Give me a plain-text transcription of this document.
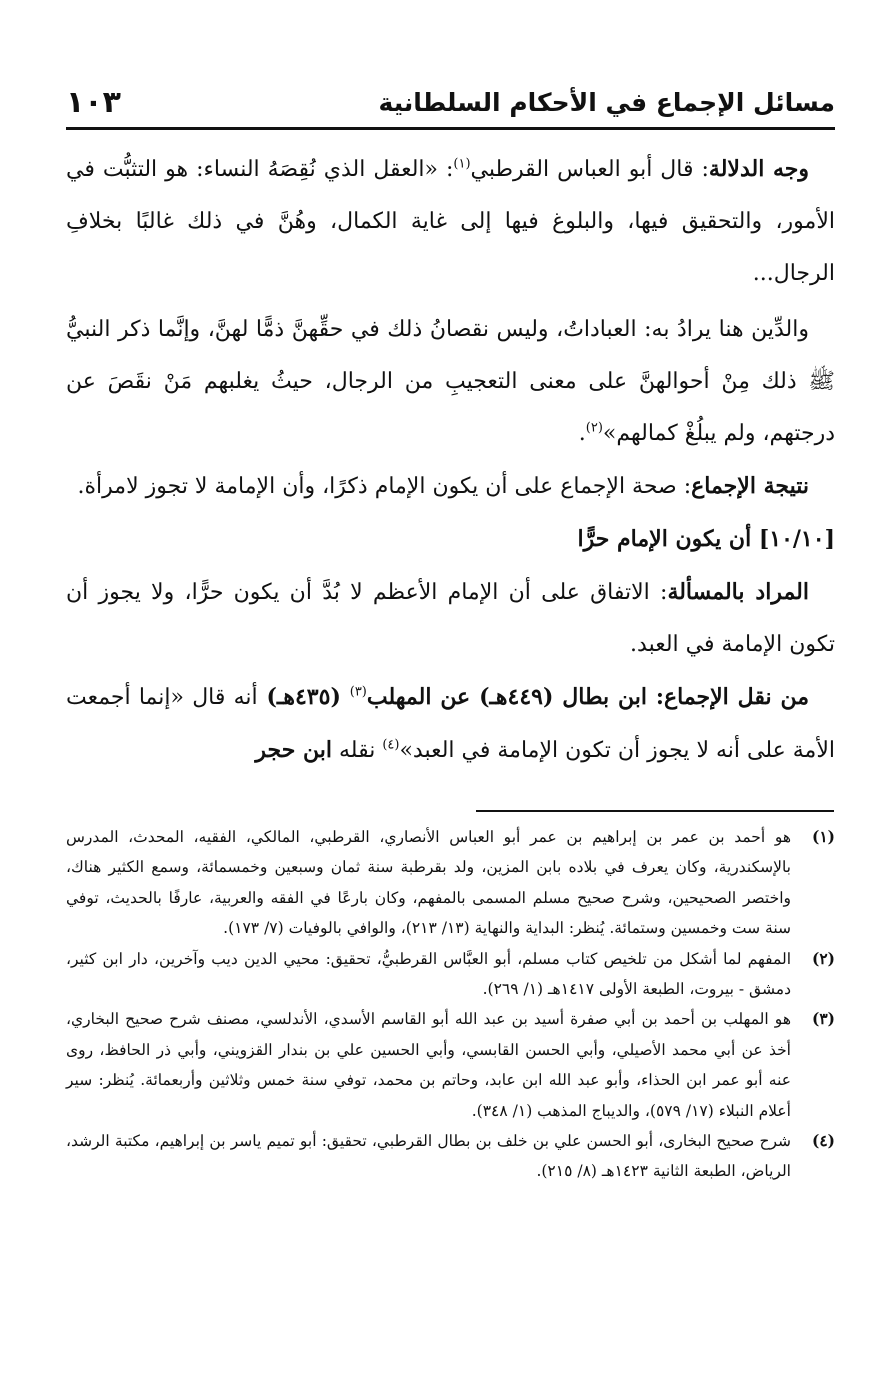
١٠٣	مسائل الإجماع في الأحكام السلطانية

وجه الدلالة: قال أبو العباس القرطبي$^{(١)}$: «العقل الذي نُقِصَهُ النساء: هو التثبُّت في الأمور، والتحقيق فيها، والبلوغ فيها إلى غاية الكمال، وهُنَّ في ذلك غالبًا بخلافِ الرجال...

والدِّين هنا يرادُ به: العباداتُ، وليس نقصانُ ذلك في حقِّهنَّ ذمًّا لهنَّ، وإنَّما ذكر النبيُّ ﷺ ذلك مِنْ أحوالهنَّ على معنى التعجيبِ من الرجال، حيثُ يغلبهم مَنْ نقَصَ عن درجتهم، ولم يبلُغْ كمالهم»$^{(٢)}$.

نتيجة الإجماع: صحة الإجماع على أن يكون الإمام ذكرًا، وأن الإمامة لا تجوز لامرأة.

[١٠/١٠] أن يكون الإمام حرًّا

المراد بالمسألة: الاتفاق على أن الإمام الأعظم لا بُدَّ أن يكون حرًّا، ولا يجوز أن تكون الإمامة في العبد.

من نقل الإجماع: ابن بطال (٤٤٩هـ) عن المهلب$^{(٣)}$ (٤٣٥هـ) أنه قال «إنما أجمعت الأمة على أنه لا يجوز أن تكون الإمامة في العبد»$^{(٤)}$ نقله ابن حجر

(١)
هو أحمد بن عمر بن إبراهيم بن عمر أبو العباس الأنصاري، القرطبي، المالكي، الفقيه، المحدث، المدرس بالإسكندرية، وكان يعرف في بلاده بابن المزين، ولد بقرطبة سنة ثمان وسبعين وخمسمائة، وسمع الكثير هناك، واختصر الصحيحين، وشرح صحيح مسلم المسمى بالمفهم، وكان بارعًا في الفقه والعربية، عارفًا بالحديث، توفي سنة ست وخمسين وستمائة. يُنظر: البداية والنهاية (١٣/ ٢١٣)، والوافي بالوفيات (٧/ ١٧٣).
(٢)
المفهم لما أشكل من تلخيص كتاب مسلم، أبو العبَّاس القرطبيُّ، تحقيق: محيي الدين ديب وآخرين، دار ابن كثير، دمشق - بيروت، الطبعة الأولى ١٤١٧هـ (١/ ٢٦٩).
(٣)
هو المهلب بن أحمد بن أبي صفرة أسيد بن عبد الله أبو القاسم الأسدي، الأندلسي، مصنف شرح صحيح البخاري، أخذ عن أبي محمد الأصيلي، وأبي الحسن القابسي، وأبي الحسين علي بن بندار القزويني، وأبي ذر الحافظ، روى عنه أبو عمر ابن الحذاء، وأبو عبد الله ابن عابد، وحاتم بن محمد، توفي سنة خمس وثلاثين وأربعمائة. يُنظر: سير أعلام النبلاء (١٧/ ٥٧٩)، والديباج المذهب (١/ ٣٤٨).
(٤)
شرح صحيح البخارى، أبو الحسن علي بن خلف بن بطال القرطبي، تحقيق: أبو تميم ياسر بن إبراهيم، مكتبة الرشد، الرياض، الطبعة الثانية ١٤٢٣هـ (٨/ ٢١٥).
